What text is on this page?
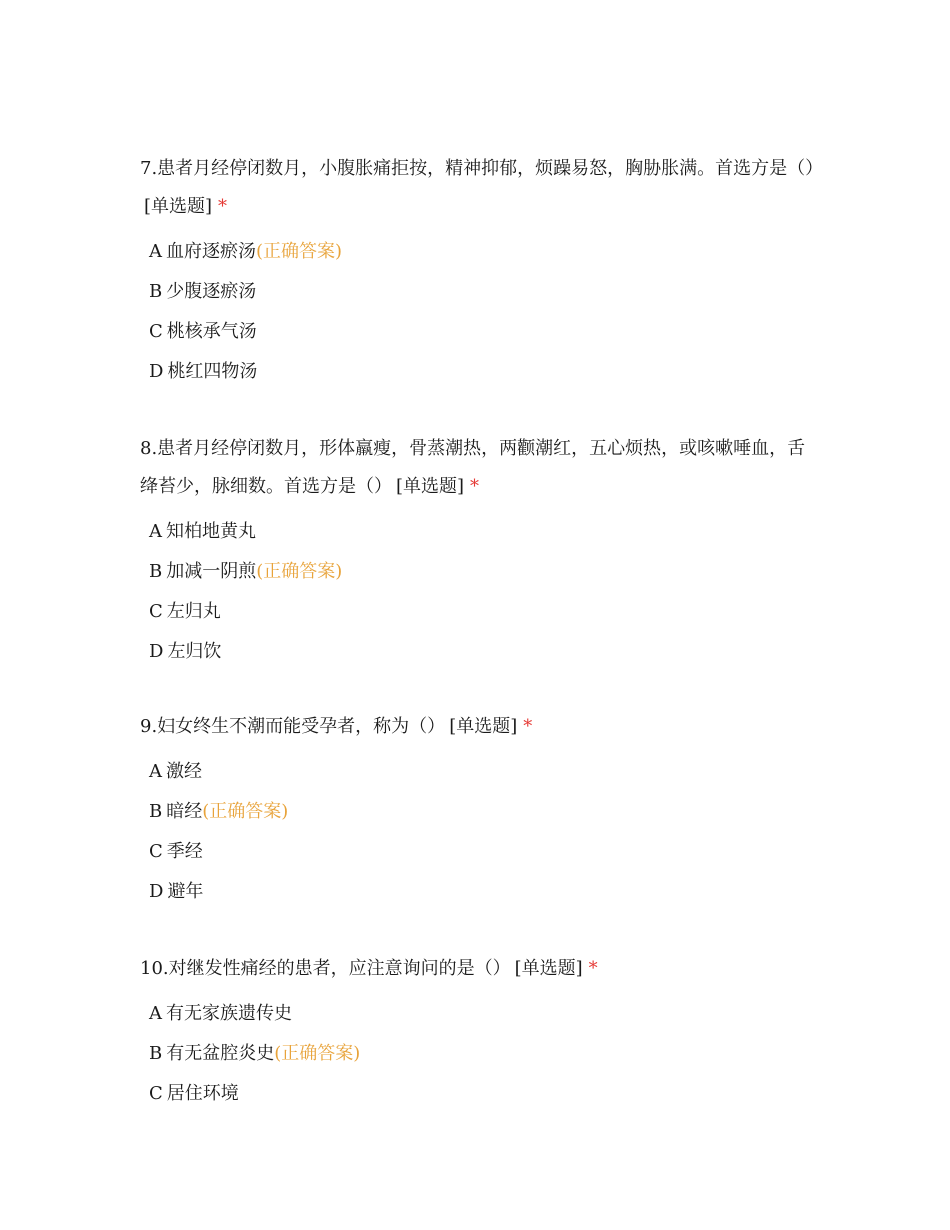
7.患者月经停闭数月，小腹胀痛拒按，精神抑郁，烦躁易怒，胸胁胀满。首选方是（）[单选题] *

A 血府逐瘀汤(正确答案)
B 少腹逐瘀汤
C 桃核承气汤
D 桃红四物汤

8.患者月经停闭数月，形体羸瘦，骨蒸潮热，两颧潮红，五心烦热，或咳嗽唾血，舌绛苔少，脉细数。首选方是（） [单选题] *

A 知柏地黄丸
B 加减一阴煎(正确答案)
C 左归丸
D 左归饮

9.妇女终生不潮而能受孕者，称为（） [单选题] *

A 激经
B 暗经(正确答案)
C 季经
D 避年

10.对继发性痛经的患者，应注意询问的是（） [单选题] *

A 有无家族遗传史
B 有无盆腔炎史(正确答案)
C 居住环境
